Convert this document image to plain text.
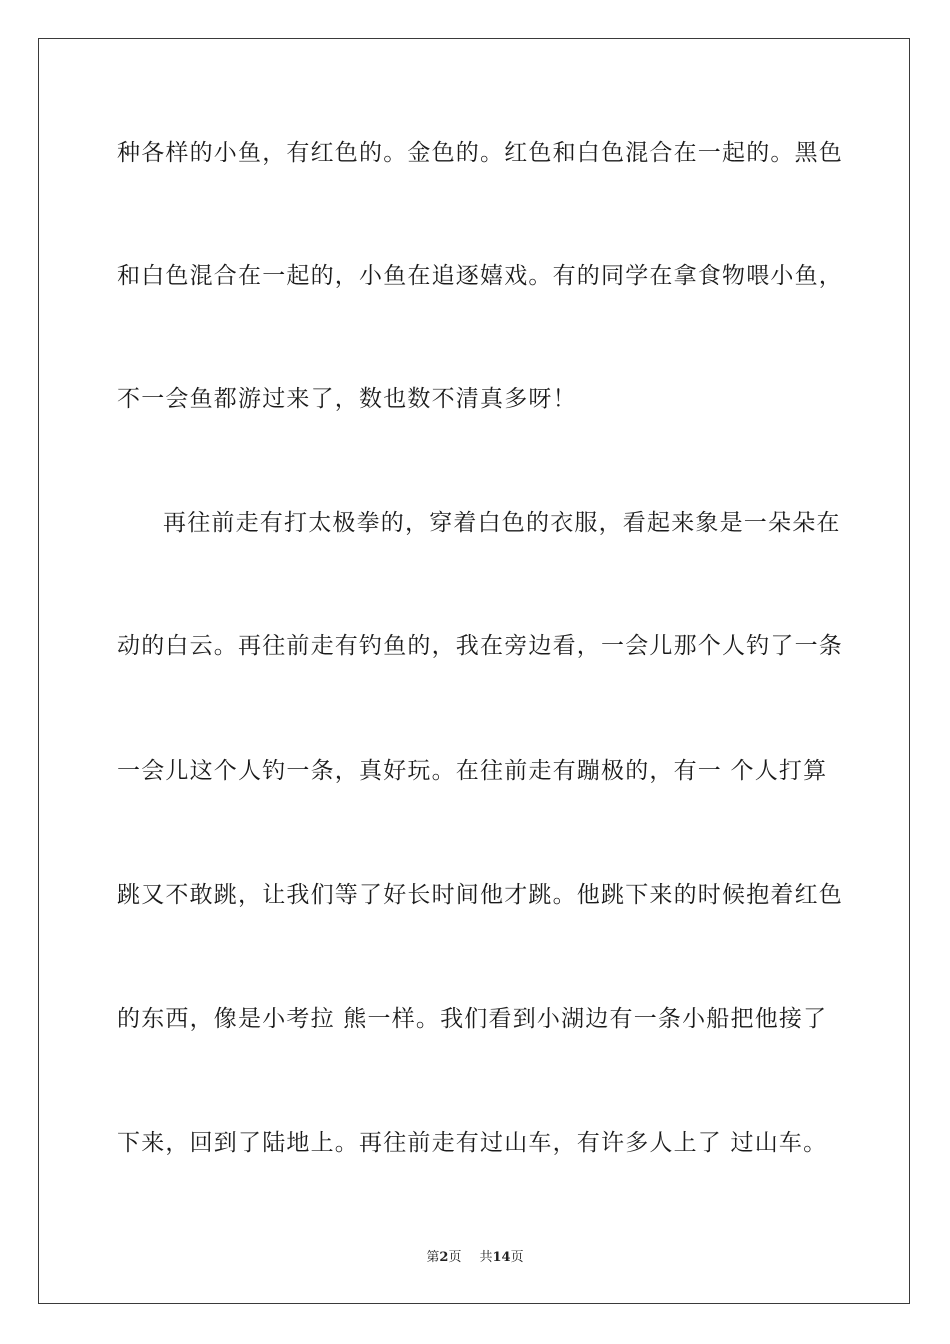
种各样的小鱼，有红色的。金色的。红色和白色混合在一起的。黑色
和白色混合在一起的，小鱼在追逐嬉戏。有的同学在拿食物喂小鱼，
不一会鱼都游过来了，数也数不清真多呀！
再往前走有打太极拳的，穿着白色的衣服，看起来象是一朵朵在
动的白云。再往前走有钓鱼的，我在旁边看，一会儿那个人钓了一条
一会儿这个人钓一条，真好玩。在往前走有蹦极的，有一 个人打算
跳又不敢跳，让我们等了好长时间他才跳。他跳下来的时候抱着红色
的东西，像是小考拉 熊一样。我们看到小湖边有一条小船把他接了
下来，回到了陆地上。再往前走有过山车，有许多人上了 过山车。
第2页 共14页
